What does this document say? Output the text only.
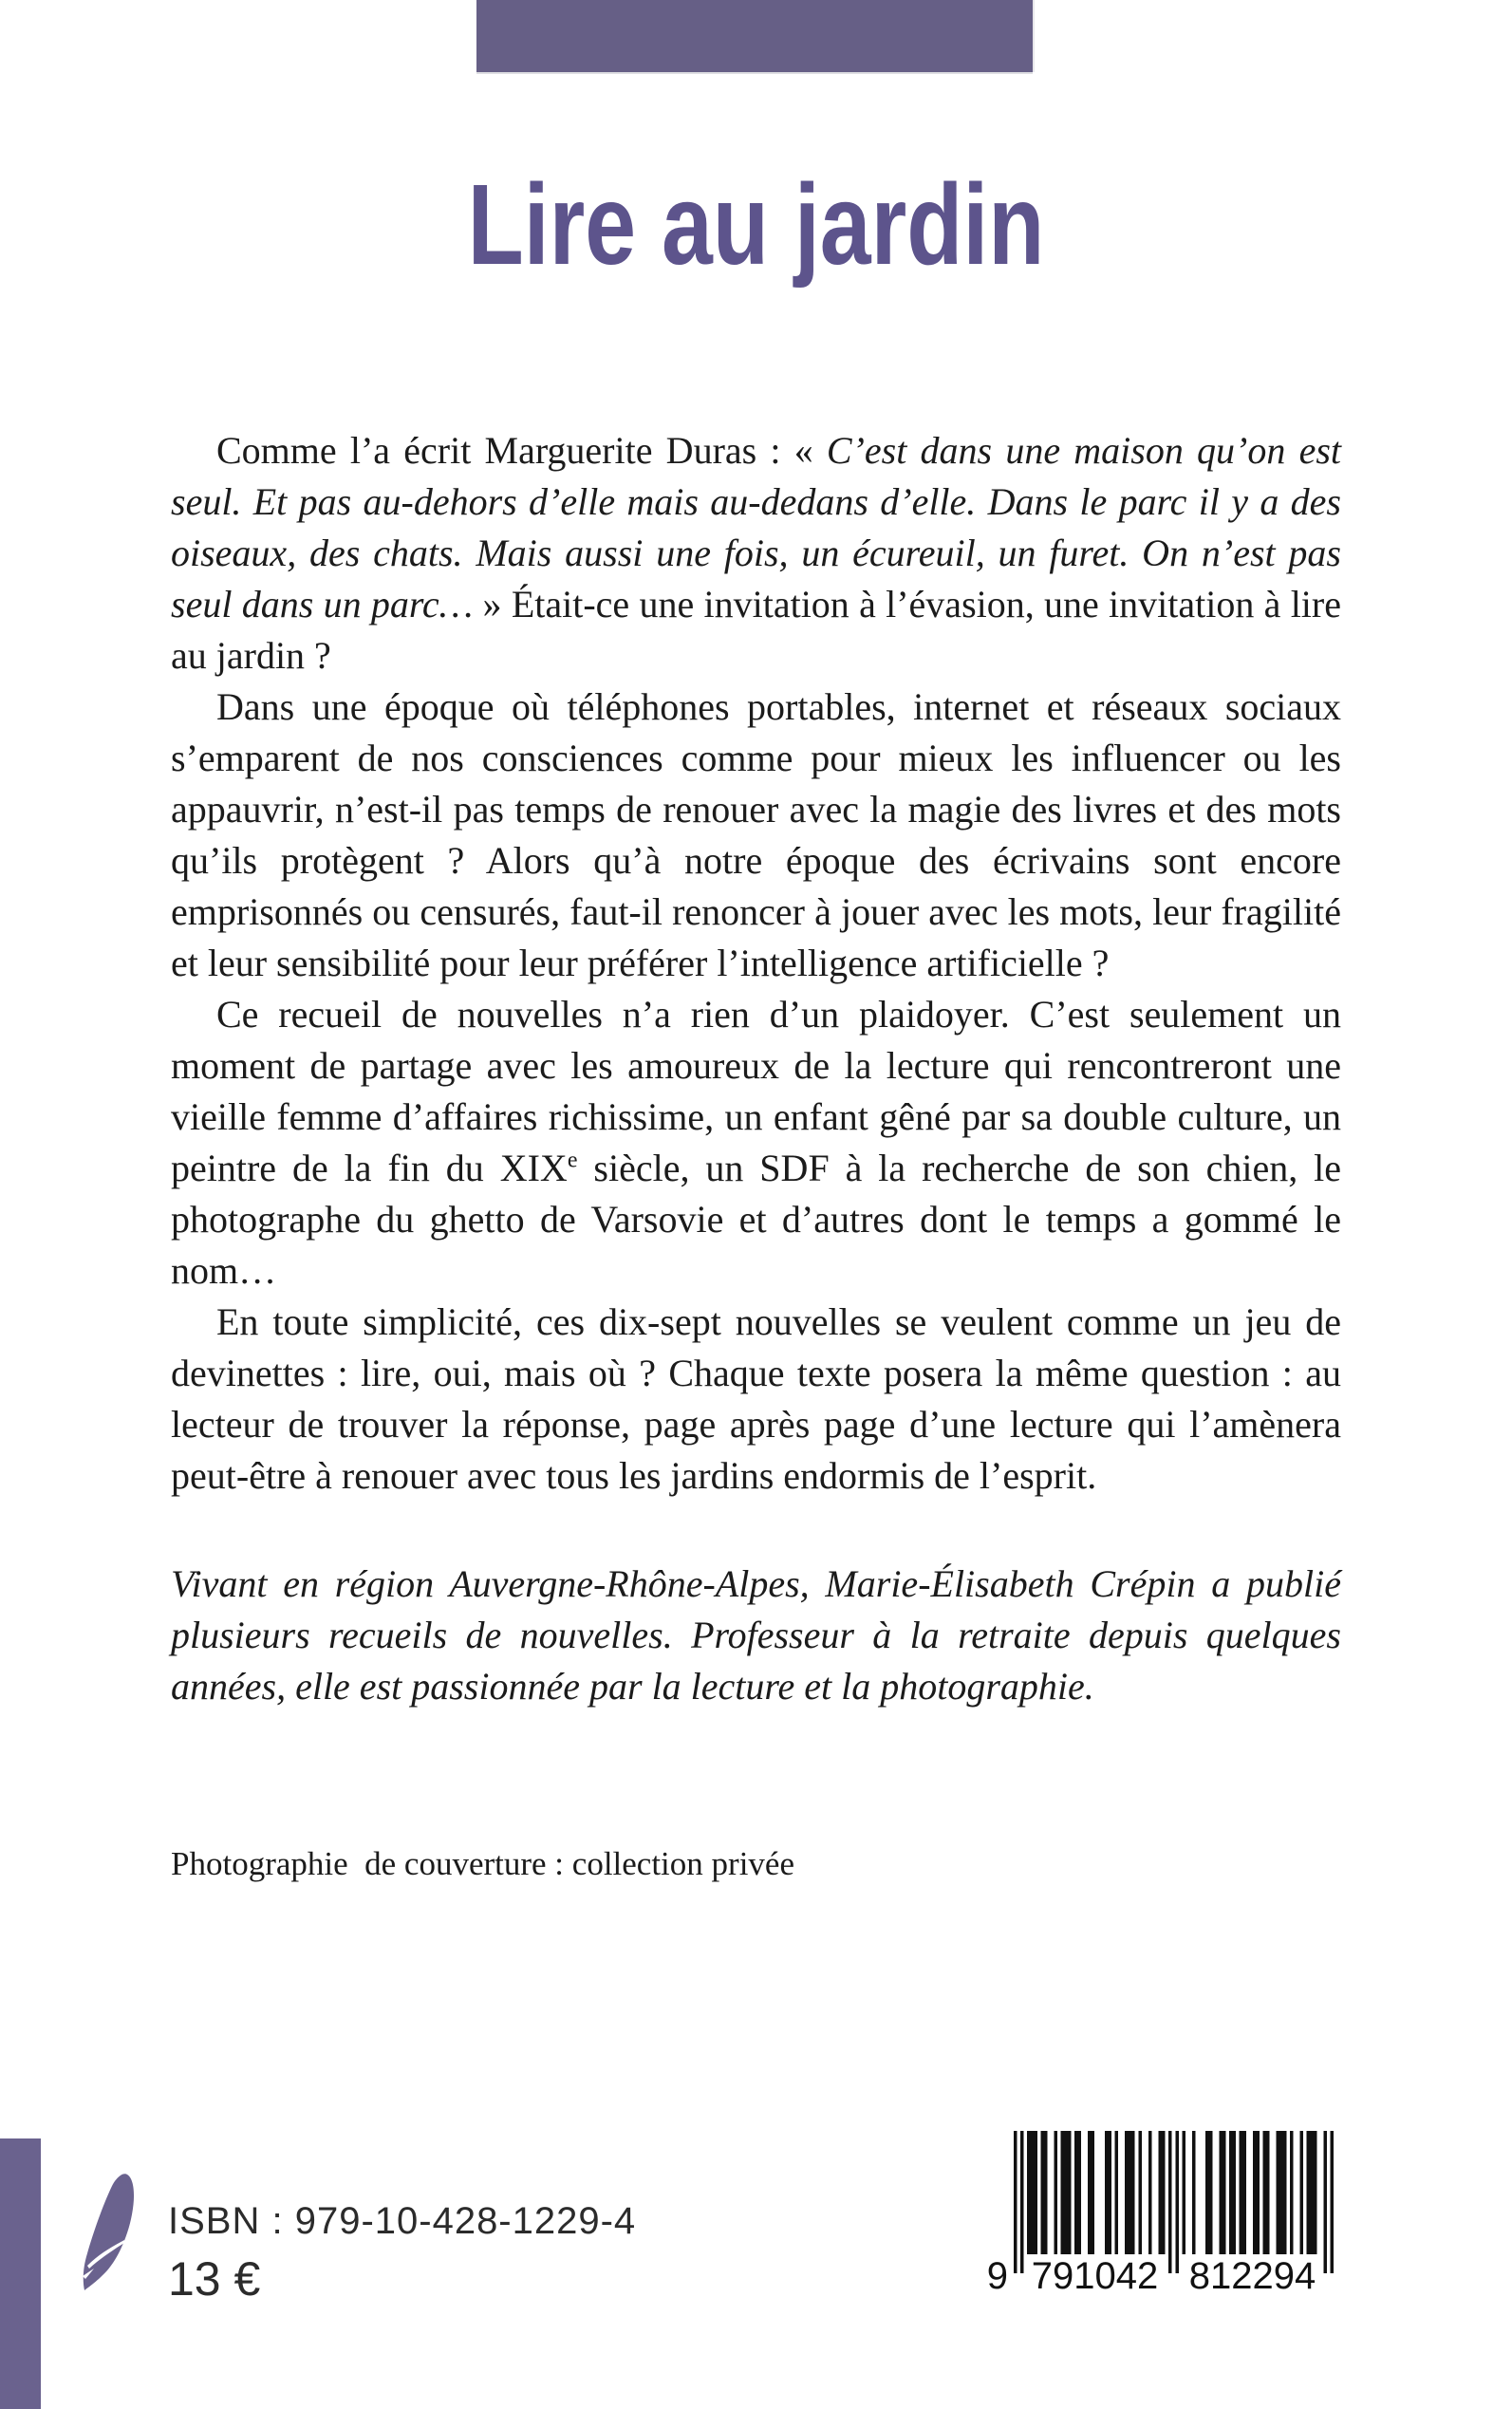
Lire au jardin

Comme l’a écrit Marguerite Duras : « C’est dans une maison qu’on est seul. Et pas au-dehors d’elle mais au-dedans d’elle. Dans le parc il y a des oiseaux, des chats. Mais aussi une fois, un écureuil, un furet. On n’est pas seul dans un parc… » Était-ce une invitation à l’évasion, une invitation à lire au jardin ?

Dans une époque où téléphones portables, internet et réseaux sociaux s’emparent de nos consciences comme pour mieux les influencer ou les appauvrir, n’est-il pas temps de renouer avec la magie des livres et des mots qu’ils protègent ? Alors qu’à notre époque des écrivains sont encore emprisonnés ou censurés, faut-il renoncer à jouer avec les mots, leur fragilité et leur sensibilité pour leur préférer l’intelligence artificielle ?

Ce recueil de nouvelles n’a rien d’un plaidoyer. C’est seulement un moment de partage avec les amoureux de la lecture qui rencontreront une vieille femme d’affaires richissime, un enfant gêné par sa double culture, un peintre de la fin du XIXe siècle, un SDF à la recherche de son chien, le photographe du ghetto de Varsovie et d’autres dont le temps a gommé le nom…

En toute simplicité, ces dix-sept nouvelles se veulent comme un jeu de devinettes : lire, oui, mais où ? Chaque texte posera la même question : au lecteur de trouver la réponse, page après page d’une lecture qui l’amènera peut-être à renouer avec tous les jardins endormis de l’esprit.

Vivant en région Auvergne-Rhône-Alpes, Marie-Élisabeth Crépin a publié plusieurs recueils de nouvelles. Professeur à la retraite depuis quelques années, elle est passionnée par la lecture et la photographie.

Photographie  de couverture : collection privée

ISBN : 979-10-428-1229-4
13 €	9 791042 812294
